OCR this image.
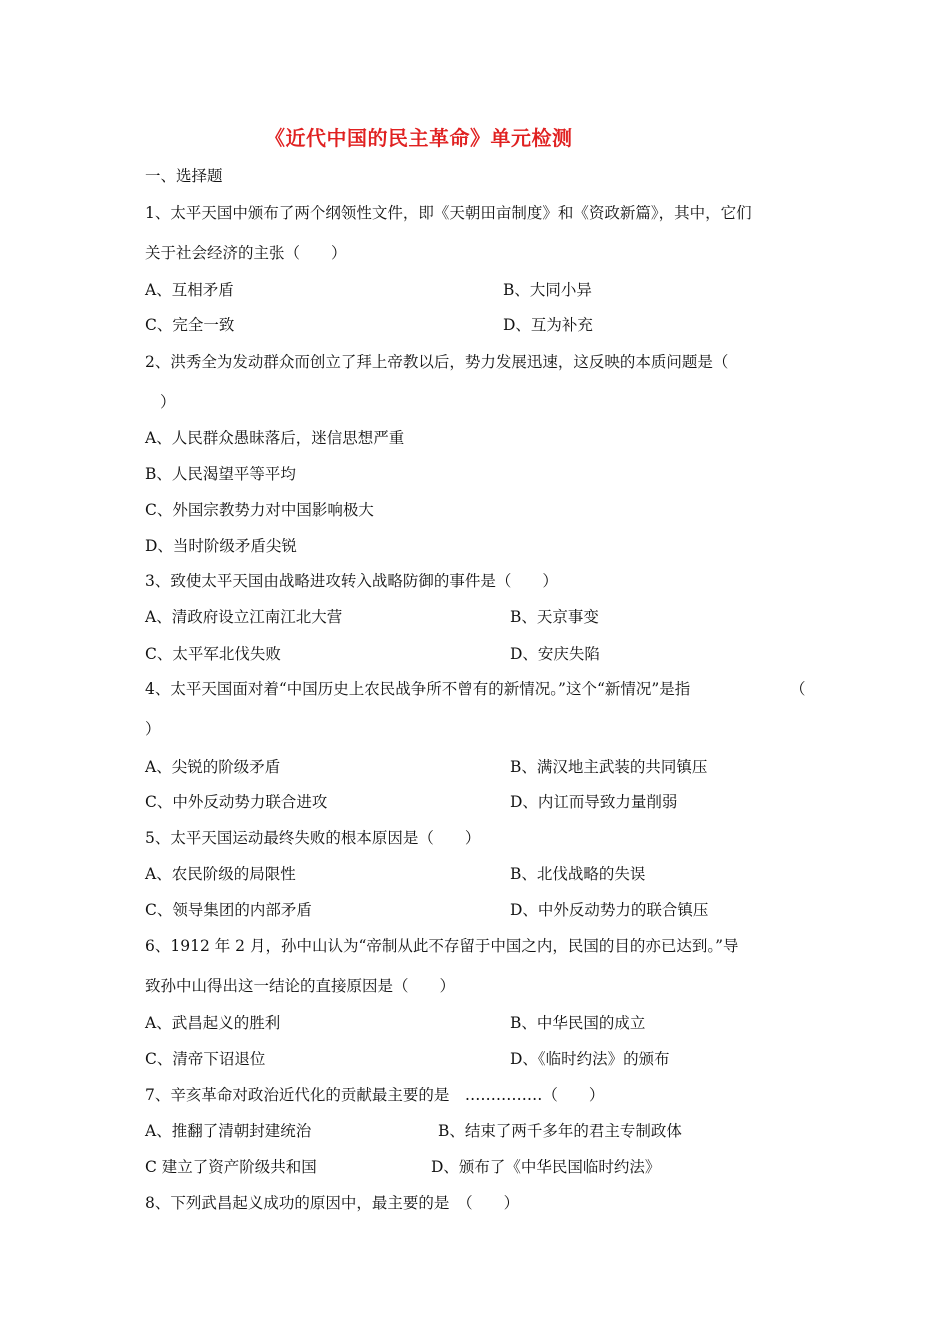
《近代中国的民主革命》单元检测
一、选择题
1、太平天国中颁布了两个纲领性文件，即《天朝田亩制度》和《资政新篇》，其中，它们
关于社会经济的主张（　　）
A、互相矛盾	B、大同小异
C、完全一致	D、互为补充
2、洪秀全为发动群众而创立了拜上帝教以后，势力发展迅速，这反映的本质问题是（
）
A、人民群众愚昧落后，迷信思想严重
B、人民渴望平等平均
C、外国宗教势力对中国影响极大
D、当时阶级矛盾尖锐
3、致使太平天国由战略进攻转入战略防御的事件是（　　）
A、清政府设立江南江北大营	B、天京事变
C、太平军北伐失败	D、安庆失陷
4、太平天国面对着“中国历史上农民战争所不曾有的新情况。”这个“新情况”是指	（
）
A、尖锐的阶级矛盾	B、满汉地主武装的共同镇压
C、中外反动势力联合进攻	D、内讧而导致力量削弱
5、太平天国运动最终失败的根本原因是（　　）
A、农民阶级的局限性	B、北伐战略的失误
C、领导集团的内部矛盾	D、中外反动势力的联合镇压
6、1912 年 2 月，孙中山认为“帝制从此不存留于中国之内，民国的目的亦已达到。”导
致孙中山得出这一结论的直接原因是（　　）
A、武昌起义的胜利	B、中华民国的成立
C、清帝下诏退位	D、《临时约法》的颁布
7、辛亥革命对政治近代化的贡献最主要的是　……………（　　）
A、推翻了清朝封建统治	B、结束了两千多年的君主专制政体
C 建立了资产阶级共和国	D、颁布了《中华民国临时约法》
8、下列武昌起义成功的原因中，最主要的是　（　　）
